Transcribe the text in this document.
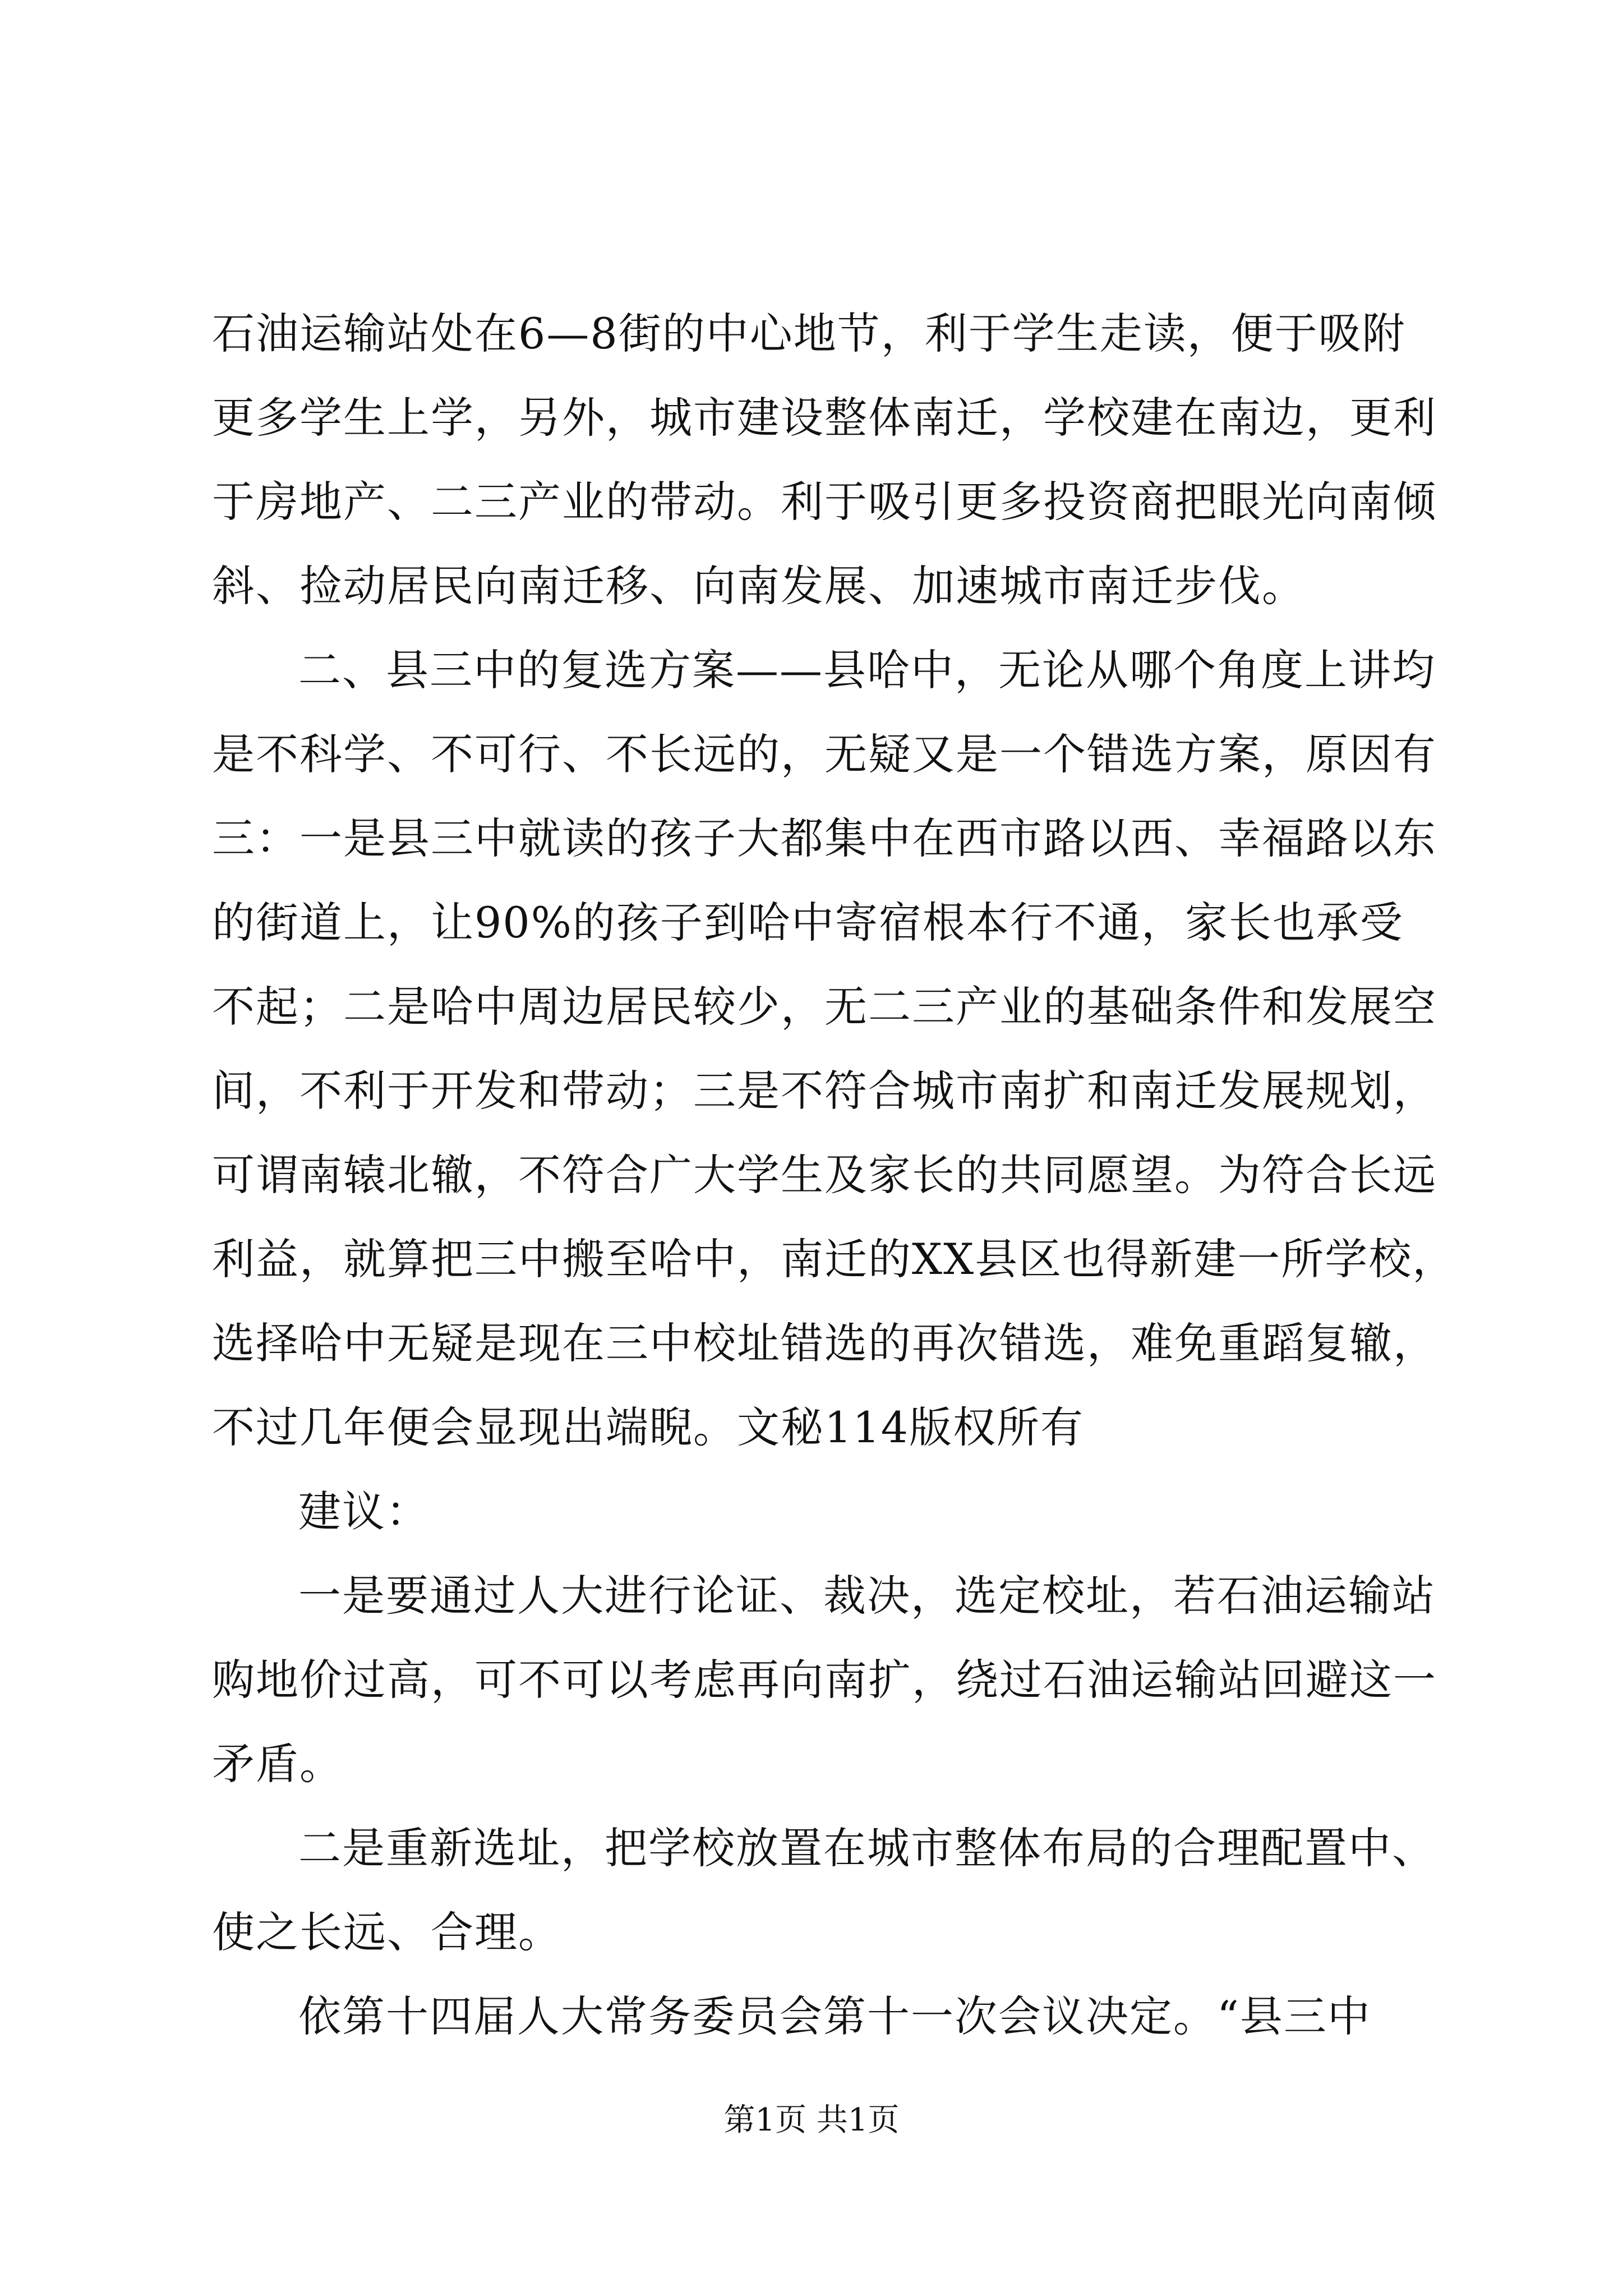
石油运输站处在6—8街的中心地节，利于学生走读，便于吸附
更多学生上学，另外，城市建设整体南迁，学校建在南边，更利
于房地产、二三产业的带动。利于吸引更多投资商把眼光向南倾
斜、捡动居民向南迁移、向南发展、加速城市南迁步伐。
二、县三中的复选方案——县哈中，无论从哪个角度上讲均
是不科学、不可行、不长远的，无疑又是一个错选方案，原因有
三：一是县三中就读的孩子大都集中在西市路以西、幸福路以东
的街道上，让90%的孩子到哈中寄宿根本行不通，家长也承受
不起；二是哈中周边居民较少，无二三产业的基础条件和发展空
间，不利于开发和带动；三是不符合城市南扩和南迁发展规划，
可谓南辕北辙，不符合广大学生及家长的共同愿望。为符合长远
利益，就算把三中搬至哈中，南迁的XX县区也得新建一所学校，
选择哈中无疑是现在三中校址错选的再次错选，难免重蹈复辙，
不过几年便会显现出端睨。文秘114版权所有
建议：
一是要通过人大进行论证、裁决，选定校址，若石油运输站
购地价过高，可不可以考虑再向南扩，绕过石油运输站回避这一
矛盾。
二是重新选址，把学校放置在城市整体布局的合理配置中、
使之长远、合理。
依第十四届人大常务委员会第十一次会议决定。“县三中
第1页 共1页
